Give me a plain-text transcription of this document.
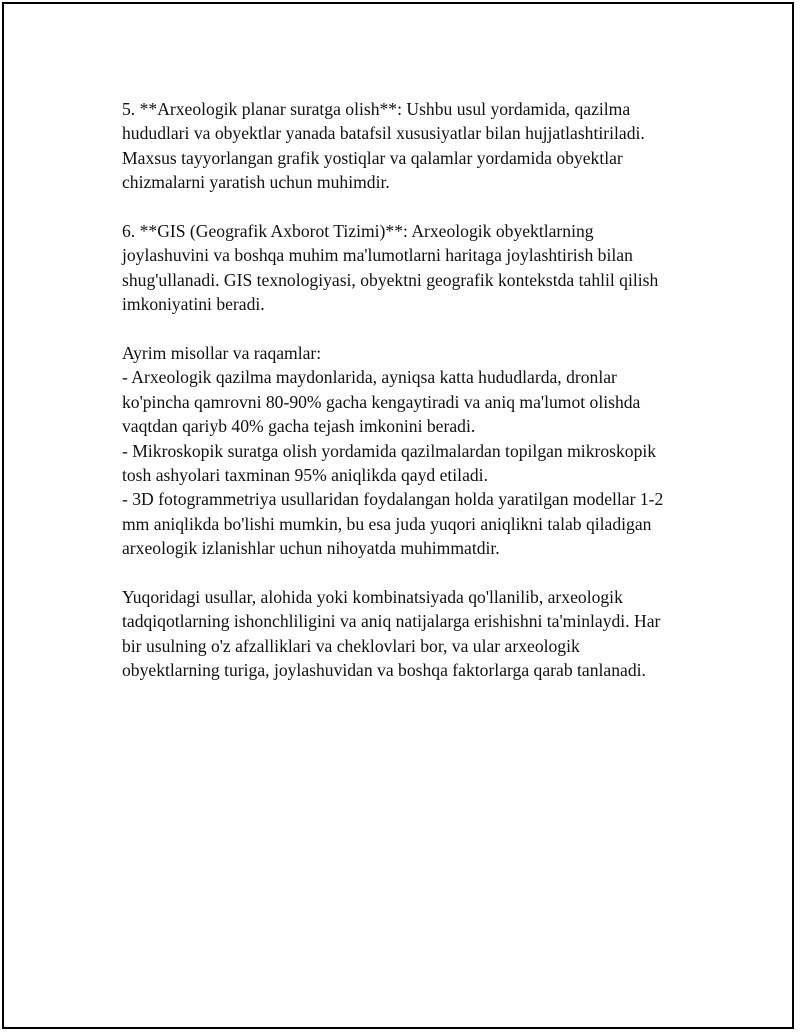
5. **Arxeologik planar suratga olish**: Ushbu usul yordamida, qazilma
hududlari va obyektlar yanada batafsil xususiyatlar bilan hujjatlashtiriladi.
Maxsus tayyorlangan grafik yostiqlar va qalamlar yordamida obyektlar
chizmalarni yaratish uchun muhimdir.
6. **GIS (Geografik Axborot Tizimi)**: Arxeologik obyektlarning
joylashuvini va boshqa muhim ma'lumotlarni haritaga joylashtirish bilan
shug'ullanadi. GIS texnologiyasi, obyektni geografik kontekstda tahlil qilish
imkoniyatini beradi.
Ayrim misollar va raqamlar:
- Arxeologik qazilma maydonlarida, ayniqsa katta hududlarda, dronlar
ko'pincha qamrovni 80-90% gacha kengaytiradi va aniq ma'lumot olishda
vaqtdan qariyb 40% gacha tejash imkonini beradi.
- Mikroskopik suratga olish yordamida qazilmalardan topilgan mikroskopik
tosh ashyolari taxminan 95% aniqlikda qayd etiladi.
- 3D fotogrammetriya usullaridan foydalangan holda yaratilgan modellar 1-2
mm aniqlikda bo'lishi mumkin, bu esa juda yuqori aniqlikni talab qiladigan
arxeologik izlanishlar uchun nihoyatda muhimmatdir.
Yuqoridagi usullar, alohida yoki kombinatsiyada qo'llanilib, arxeologik
tadqiqotlarning ishonchliligini va aniq natijalarga erishishni ta'minlaydi. Har
bir usulning o'z afzalliklari va cheklovlari bor, va ular arxeologik
obyektlarning turiga, joylashuvidan va boshqa faktorlarga qarab tanlanadi.
